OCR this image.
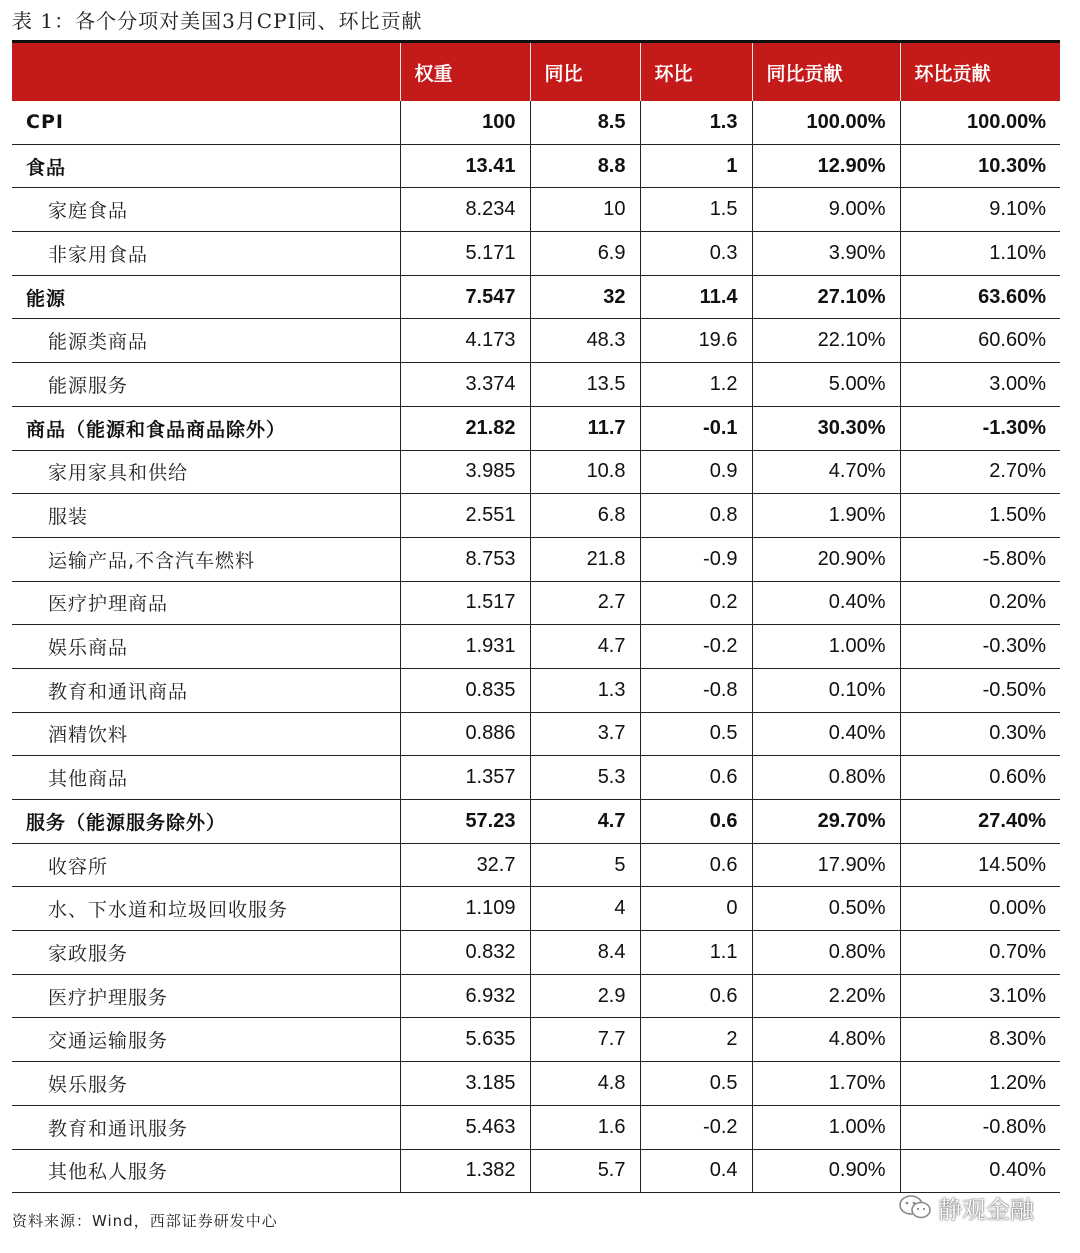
表 1：各个分项对美国3月CPI同、环比贡献
	权重	同比	环比	同比贡献	环比贡献
CPI	100	8.5	1.3	100.00%	100.00%
食品	13.41	8.8	1	12.90%	10.30%
家庭食品	8.234	10	1.5	9.00%	9.10%
非家用食品	5.171	6.9	0.3	3.90%	1.10%
能源	7.547	32	11.4	27.10%	63.60%
能源类商品	4.173	48.3	19.6	22.10%	60.60%
能源服务	3.374	13.5	1.2	5.00%	3.00%
商品（能源和食品商品除外）	21.82	11.7	-0.1	30.30%	-1.30%
家用家具和供给	3.985	10.8	0.9	4.70%	2.70%
服装	2.551	6.8	0.8	1.90%	1.50%
运输产品,不含汽车燃料	8.753	21.8	-0.9	20.90%	-5.80%
医疗护理商品	1.517	2.7	0.2	0.40%	0.20%
娱乐商品	1.931	4.7	-0.2	1.00%	-0.30%
教育和通讯商品	0.835	1.3	-0.8	0.10%	-0.50%
酒精饮料	0.886	3.7	0.5	0.40%	0.30%
其他商品	1.357	5.3	0.6	0.80%	0.60%
服务（能源服务除外）	57.23	4.7	0.6	29.70%	27.40%
收容所	32.7	5	0.6	17.90%	14.50%
水、下水道和垃圾回收服务	1.109	4	0	0.50%	0.00%
家政服务	0.832	8.4	1.1	0.80%	0.70%
医疗护理服务	6.932	2.9	0.6	2.20%	3.10%
交通运输服务	5.635	7.7	2	4.80%	8.30%
娱乐服务	3.185	4.8	0.5	1.70%	1.20%
教育和通讯服务	5.463	1.6	-0.2	1.00%	-0.80%
其他私人服务	1.382	5.7	0.4	0.90%	0.40%
资料来源：Wind，西部证券研发中心	静观金融
